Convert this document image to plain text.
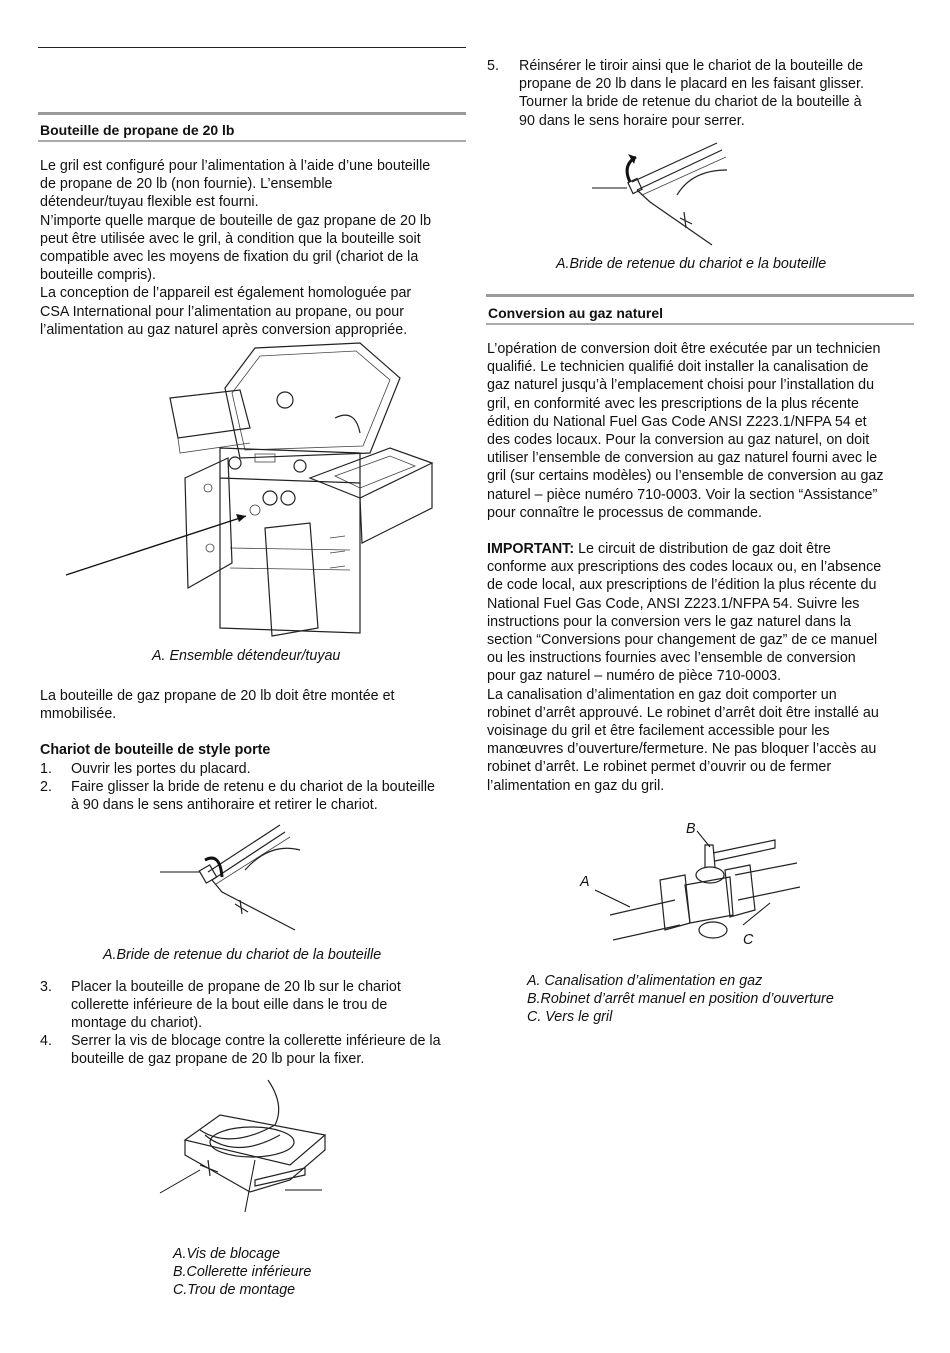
Bouteille de propane de 20 lb
Le gril est configuré pour l’alimentation à l’aide d’une bouteille
de propane de 20 lb (non fournie). L’ensemble
détendeur/tuyau flexible est fourni.
N’importe quelle marque de bouteille de gaz propane de 20 lb
peut être utilisée avec le gril, à condition que la bouteille soit
compatible avec les moyens de fixation du gril (chariot de la
bouteille compris).
La conception de l’appareil est également homologuée par
CSA International pour l’alimentation au propane, ou pour
l’alimentation au gaz naturel après conversion appropriée.
A. Ensemble détendeur/tuyau
La bouteille de gaz propane de 20 lb doit être montée et
mmobilisée.
Chariot de bouteille de style porte
1. Ouvrir les portes du placard.
2. Faire glisser la bride de retenu e du chariot de la bouteille
à 90 dans le sens antihoraire et retirer le chariot.
A.Bride de retenue du chariot de la bouteille
3. Placer la bouteille de propane de 20 lb sur le chariot
collerette inférieure de la bout eille dans le trou de
montage du chariot).
4. Serrer la vis de blocage contre la collerette inférieure de la
bouteille de gaz propane de 20 lb pour la fixer.
A.Vis de blocage
B.Collerette inférieure
C.Trou de montage
5. Réinsérer le tiroir ainsi que le chariot de la bouteille de
propane de 20 lb dans le placard en les faisant glisser.
Tourner la bride de retenue du chariot de la bouteille à
90 dans le sens horaire pour serrer.
A.Bride de retenue du chariot e la bouteille
Conversion au gaz naturel
L’opération de conversion doit être exécutée par un technicien
qualifié. Le technicien qualifié doit installer la canalisation de
gaz naturel jusqu’à l’emplacement choisi pour l’installation du
gril, en conformité avec les prescriptions de la plus récente
édition du National Fuel Gas Code ANSI Z223.1/NFPA 54 et
des codes locaux. Pour la conversion au gaz naturel, on doit
utiliser l’ensemble de conversion au gaz naturel fourni avec le
gril (sur certains modèles) ou l’ensemble de conversion au gaz
naturel – pièce numéro 710-0003. Voir la section “Assistance”
pour connaître le processus de commande.
IMPORTANT: Le circuit de distribution de gaz doit être
conforme aux prescriptions des codes locaux ou, en l’absence
de code local, aux prescriptions de l’édition la plus récente du
National Fuel Gas Code, ANSI Z223.1/NFPA 54. Suivre les
instructions pour la conversion vers le gaz naturel dans la
section “Conversions pour changement de gaz” de ce manuel
ou les instructions fournies avec l’ensemble de conversion
pour gaz naturel – numéro de pièce 710-0003.
La canalisation d’alimentation en gaz doit comporter un
robinet d’arrêt approuvé. Le robinet d’arrêt doit être installé au
voisinage du gril et être facilement accessible pour les
manœuvres d’ouverture/fermeture. Ne pas bloquer l’accès au
robinet d’arrêt. Le robinet permet d’ouvrir ou de fermer
l’alimentation en gaz du gril.
A
B
C
A. Canalisation d’alimentation en gaz
B.Robinet d’arrêt manuel en position d’ouverture
C. Vers le gril
